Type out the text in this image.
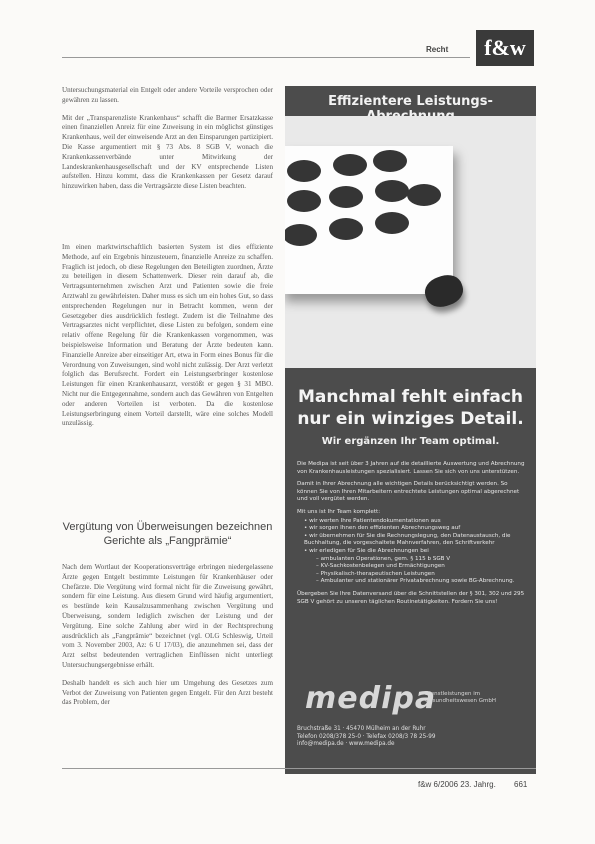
Recht	f&w

Untersuchungsmaterial ein Entgelt oder andere Vorteile versprochen oder gewähren zu lassen.

Mit der „Transparenzliste Krankenhaus“ schafft die Barmer Ersatzkasse einen finanziellen Anreiz für eine Zuweisung in ein möglichst günstiges Krankenhaus, weil der einweisende Arzt an den Einsparungen partizipiert. Die Kasse argumentiert mit § 73 Abs. 8 SGB V, wonach die Krankenkassenverbände unter Mitwirkung der Landeskrankenhausgesellschaft und der KV entsprechende Listen aufstellen. Hinzu kommt, dass die Krankenkassen per Gesetz darauf hinzuwirken haben, dass die Vertragsärzte diese Listen beachten.

Im einen marktwirtschaftlich basierten System ist dies effiziente Methode, auf ein Ergebnis hinzusteuern, finanzielle Anreize zu schaffen. Fraglich ist jedoch, ob diese Regelungen den Beteiligten zuordnen, Ärzte zu beteiligen in diesem Schattenwerk. Dieser rein darauf ab, die Vertragsunternehmen zwischen Arzt und Patienten sowie die freie Arztwahl zu gewährleisten. Daher muss es sich um ein hohes Gut, so dass entsprechenden Regelungen nur in Betracht kommen, wenn der Gesetzgeber dies ausdrücklich festlegt. Zudem ist die Teilnahme des Vertragsarztes nicht verpflichtet, diese Listen zu befolgen, sondern eine relativ offene Regelung für die Krankenkassen vorgenommen, was beispielsweise Information und Beratung der Ärzte bedeuten kann. Finanzielle Anreize aber einseitiger Art, etwa in Form eines Bonus für die Verordnung von Zuweisungen, sind wohl nicht zulässig. Der Arzt verletzt folglich das Berufsrecht. Fordert ein Leistungserbringer kostenlose Leistungen für einen Krankenhausarzt, verstößt er gegen § 31 MBO. Nicht nur die Entgegennahme, sondern auch das Gewähren von Entgelten oder anderen Vorteilen ist verboten. Da die kostenlose Leistungserbringung einem Vorteil darstellt, wäre eine solches Modell unzulässig.

Vergütung von Überweisungen bezeichnen Gerichte als „Fangprämie“

Nach dem Wortlaut der Kooperationsverträge erbringen niedergelassene Ärzte gegen Entgelt bestimmte Leistungen für Krankenhäuser oder Chefärzte. Die Vergütung wird formal nicht für die Zuweisung gewährt, sondern für eine Leistung. Aus diesem Grund wird häufig argumentiert, es bestünde kein Kausalzusammenhang zwischen Vergütung und Überweisung, sondern lediglich zwischen der Leistung und der Vergütung. Eine solche Zahlung aber wird in der Rechtsprechung ausdrücklich als „Fangprämie“ bezeichnet (vgl. OLG Schleswig, Urteil vom 3. November 2003, Az: 6 U 17/03), die anzunehmen sei, dass der Arzt selbst bedeutenden vertraglichen Einflüssen nicht unterliegt Untersuchungsergebnisse erhält.

Deshalb handelt es sich auch hier um Umgehung des Gesetzes zum Verbot der Zuweisung von Patienten gegen Entgelt. Für den Arzt besteht das Problem, der

Effizientere Leistungs-
Manchmal fehlt einfach
nur ein winziges Detail.
Wir ergänzen Ihr Team optimal.

Die Medipa ist seit über 3 Jahren auf die detaillierte Auswertung und Abrechnung von Krankenhausleistungen spezialisiert. Lassen Sie sich von uns unterstützen.

Damit in Ihrer Abrechnung alle wichtigen Details berücksichtigt werden. So können Sie von Ihren Mitarbeitern entrechtete Leistungen optimal abgerechnet und voll vergütet werden.

Mit uns ist Ihr Team komplett:

• wir werten Ihre Patientendokumentationen aus
• wir sorgen Ihnen den effizienten Abrechnungsweg auf
• wir übernehmen für Sie die Rechnungslegung, den Datenaustausch, die Buchhaltung, die vorgeschaltete Mahnverfahren, den Schriftverkehr
• wir erledigen für Sie die Abrechnungen bei
– ambulanten Operationen, gem. § 115 b SGB V
– KV-Sachkostenbelegen und Ermächtigungen
– Physikalisch-therapeutischen Leistungen
– Ambulanter und stationärer Privatabrechnung sowie BG-Abrechnung.

Übergeben Sie Ihre Datenversand über die Schnittstellen der § 301, 302 und 295 SGB V gehört zu unseren täglichen Routinetätigkeiten. Fordern Sie uns!

medipa
Dienstleistungen im Gesundheitswesen GmbH
Bruchstraße 31 · 45470 Mülheim an der Ruhr
Telefon 0208/378 25-0 · Telefax 0208/3 78 25-99
info@medipa.de · www.medipa.de
f&w 6/2006 23. Jahrg. 661
